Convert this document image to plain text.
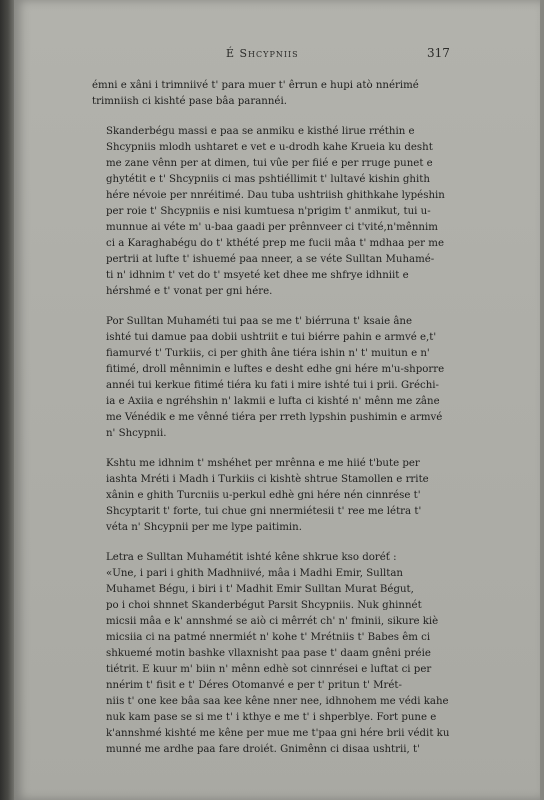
É Shcypniis	317

émni e xâni i trimniivé t' para muer t' êrrun e hupi atò nnérimé
trimniish ci kishté pase bâa parannéi.

Skanderbégu massi e paa se anmiku e kisthé lirue rréthin e
Shcypniis mlodh ushtaret e vet e u-drodh kahe Krueia ku desht
me zane vênn per at dimen, tui vûe per fiié e per rruge punet e
ghytétit e t' Shcypniis ci mas pshtiéllimit t' lultavé kishin ghith
hére névoie per nnréitimé. Dau tuba ushtriish ghithkahe lypéshin
per roie t' Shcypniis e nisi kumtuesa n'prigim t' anmikut, tui u-
munnue ai véte m' u-baa gaadi per prênnveer ci t'vité,n'mênnim
ci a Karaghabégu do t' kthété prep me fucii mâa t' mdhaa per me
pertrii at lufte t' ishuemé paa nneer, a se véte Sulltan Muhamé-
ti n' idhnim t' vet do t' msyeté ket dhee me shfrye idhniit e
hérshmé e t' vonat per gni hére.

Por Sulltan Muhaméti tui paa se me t' biérruna t' ksaie âne
ishté tui damue paa dobii ushtriit e tui biérre pahin e armvé e,t'
fiamurvé t' Turkiis, ci per ghith âne tiéra ishin n' t' muitun e n'
fitimé, droll mênnimin e luftes e desht edhe gni hére m'u-shporre
annéi tui kerkue fitimé tiéra ku fati i mire ishté tui i prii. Gréchi-
ia e Axiia e ngréhshin n' lakmii e lufta ci kishté n' mênn me zâne
me Vénédik e me vênné tiéra per rreth lypshin pushimin e armvé
n' Shcypnii.

Kshtu me idhnim t' mshéhet per mrênna e me hiié t'bute per
iashta Mréti i Madh i Turkiis ci kishtè shtrue Stamollen e rrite
xânin e ghith Turcniis u-perkul edhè gni hére nén cinnrése t'
Shcyptarit t' forte, tui chue gni nnermiétesii t' ree me létra t'
véta n' Shcypnii per me lype paitimin.

Letra e Sulltan Muhamétit ishté kêne shkrue kso doréť :
«Une, i pari i ghith Madhniivé, mâa i Madhi Emir, Sulltan
Muhamet Bégu, i biri i t' Madhit Emir Sulltan Murat Bégut,
po i choi shnnet Skanderbégut Parsit Shcypniis. Nuk ghinnét
micsii mâa e k' annshmé se aiò ci mêrrét ch' n' fminii, sikure kiè
micsiia ci na patmé nnermiét n' kohe t' Mrétniis t' Babes êm ci
shkuemé motin bashke vllaxnisht paa pase t' daam gnêni préie
tiétrit. E kuur m' biin n' mênn edhè sot cinnrései e luftat ci per
nnérim t' fisit e t' Déres Otomanvé e per t' pritun t' Mrét-
niis t' one kee bâa saa kee kêne nner nee, idhnohem me védi kahe
nuk kam pase se si me t' i kthye e me t' i shperblye. Fort pune e
k'annshmé kishté me kêne per mue me t'paa gni hére brii védit ku
munné me ardhe paa fare droiét. Gnimênn ci disaa ushtrii, t'
